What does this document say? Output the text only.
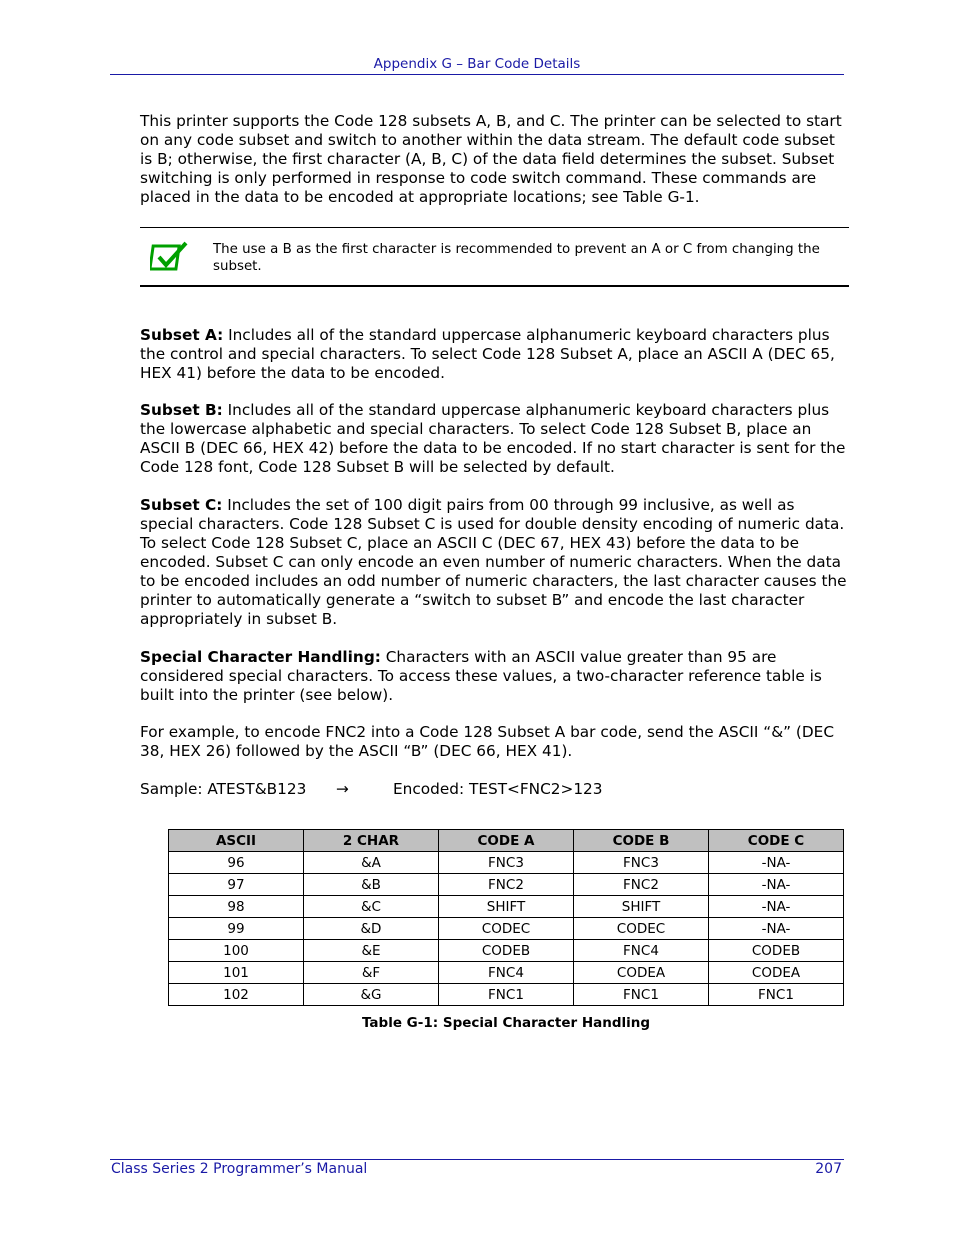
Appendix G – Bar Code Details

This printer supports the Code 128 subsets A, B, and C. The printer can be selected to start on any code subset and switch to another within the data stream. The default code subset is B; otherwise, the first character (A, B, C) of the data field determines the subset. Subset switching is only performed in response to code switch command. These commands are placed in the data to be encoded at appropriate locations; see Table G-1.

The use a B as the first character is recommended to prevent an A or C from changing the subset.

Subset A: Includes all of the standard uppercase alphanumeric keyboard characters plus the control and special characters. To select Code 128 Subset A, place an ASCII A (DEC 65, HEX 41) before the data to be encoded.

Subset B: Includes all of the standard uppercase alphanumeric keyboard characters plus the lowercase alphabetic and special characters. To select Code 128 Subset B, place an ASCII B (DEC 66, HEX 42) before the data to be encoded. If no start character is sent for the Code 128 font, Code 128 Subset B will be selected by default.

Subset C: Includes the set of 100 digit pairs from 00 through 99 inclusive, as well as special characters. Code 128 Subset C is used for double density encoding of numeric data. To select Code 128 Subset C, place an ASCII C (DEC 67, HEX 43) before the data to be encoded. Subset C can only encode an even number of numeric characters. When the data to be encoded includes an odd number of numeric characters, the last character causes the printer to automatically generate a “switch to subset B” and encode the last character appropriately in subset B.

Special Character Handling: Characters with an ASCII value greater than 95 are considered special characters. To access these values, a two-character reference table is built into the printer (see below).

For example, to encode FNC2 into a Code 128 Subset A bar code, send the ASCII “&” (DEC 38, HEX 26) followed by the ASCII “B” (DEC 66, HEX 41).

Sample: ATEST&B123 →	Encoded: TEST<FNC2>123
ASCII	2 CHAR	CODE A	CODE B	CODE C
96	&A	FNC3	FNC3	-NA-
97	&B	FNC2	FNC2	-NA-
98	&C	SHIFT	SHIFT	-NA-
99	&D	CODEC	CODEC	-NA-
100	&E	CODEB	FNC4	CODEB
101	&F	FNC4	CODEA	CODEA
102	&G	FNC1	FNC1	FNC1
Table G-1: Special Character Handling
Class Series 2 Programmer’s Manual	207
